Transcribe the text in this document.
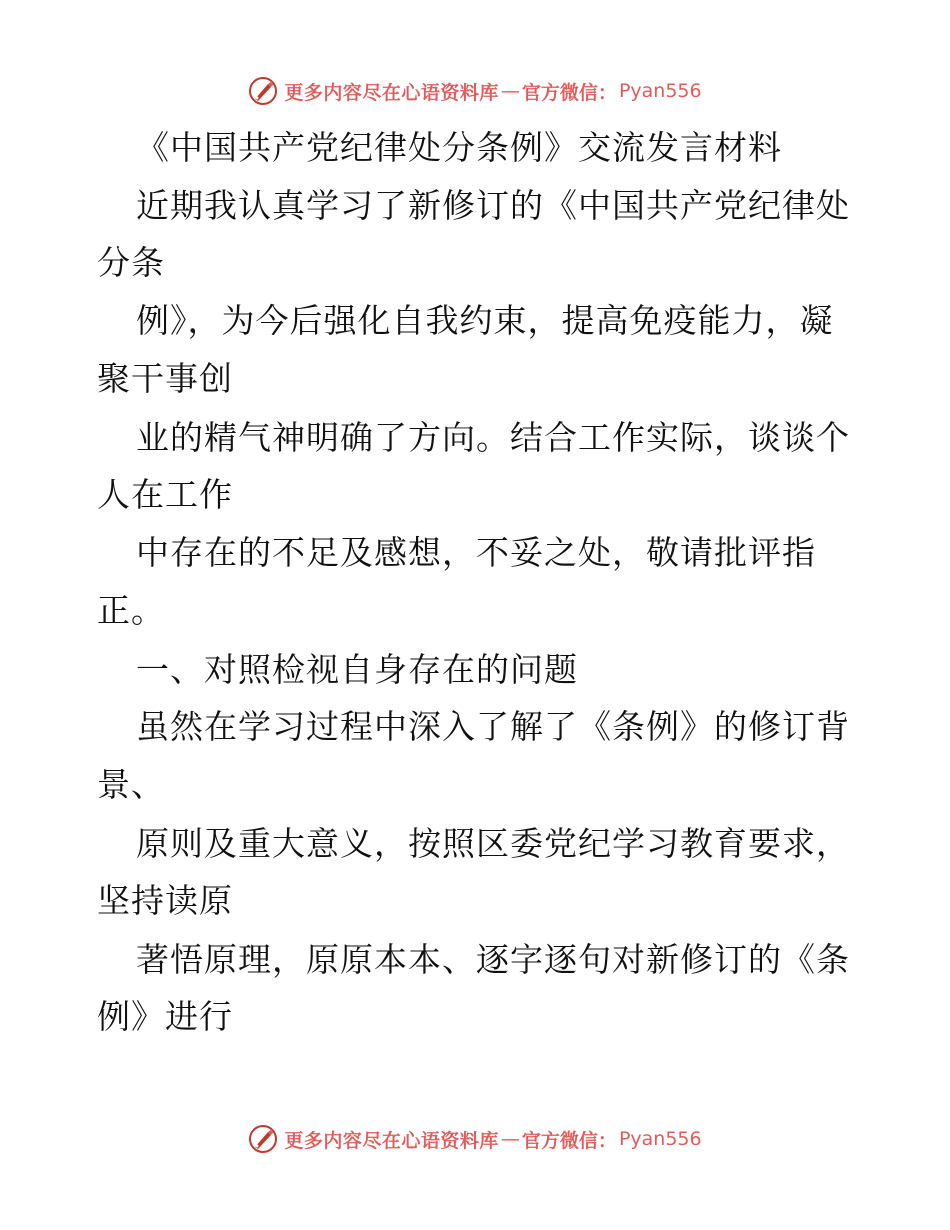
更多内容尽在心语资料库 — 官方微信： Pyan556
《中国共产党纪律处分条例》交流发言材料
近期我认真学习了新修订的《中国共产党纪律处
分条
例》，为今后强化自我约束，提高免疫能力，凝
聚干事创
业的精气神明确了方向。结合工作实际，谈谈个
人在工作
中存在的不足及感想，不妥之处，敬请批评指
正。
一、对照检视自身存在的问题
虽然在学习过程中深入了解了《条例》的修订背
景、
原则及重大意义，按照区委党纪学习教育要求，
坚持读原
著悟原理，原原本本、逐字逐句对新修订的《条
例》进行
更多内容尽在心语资料库 — 官方微信： Pyan556
